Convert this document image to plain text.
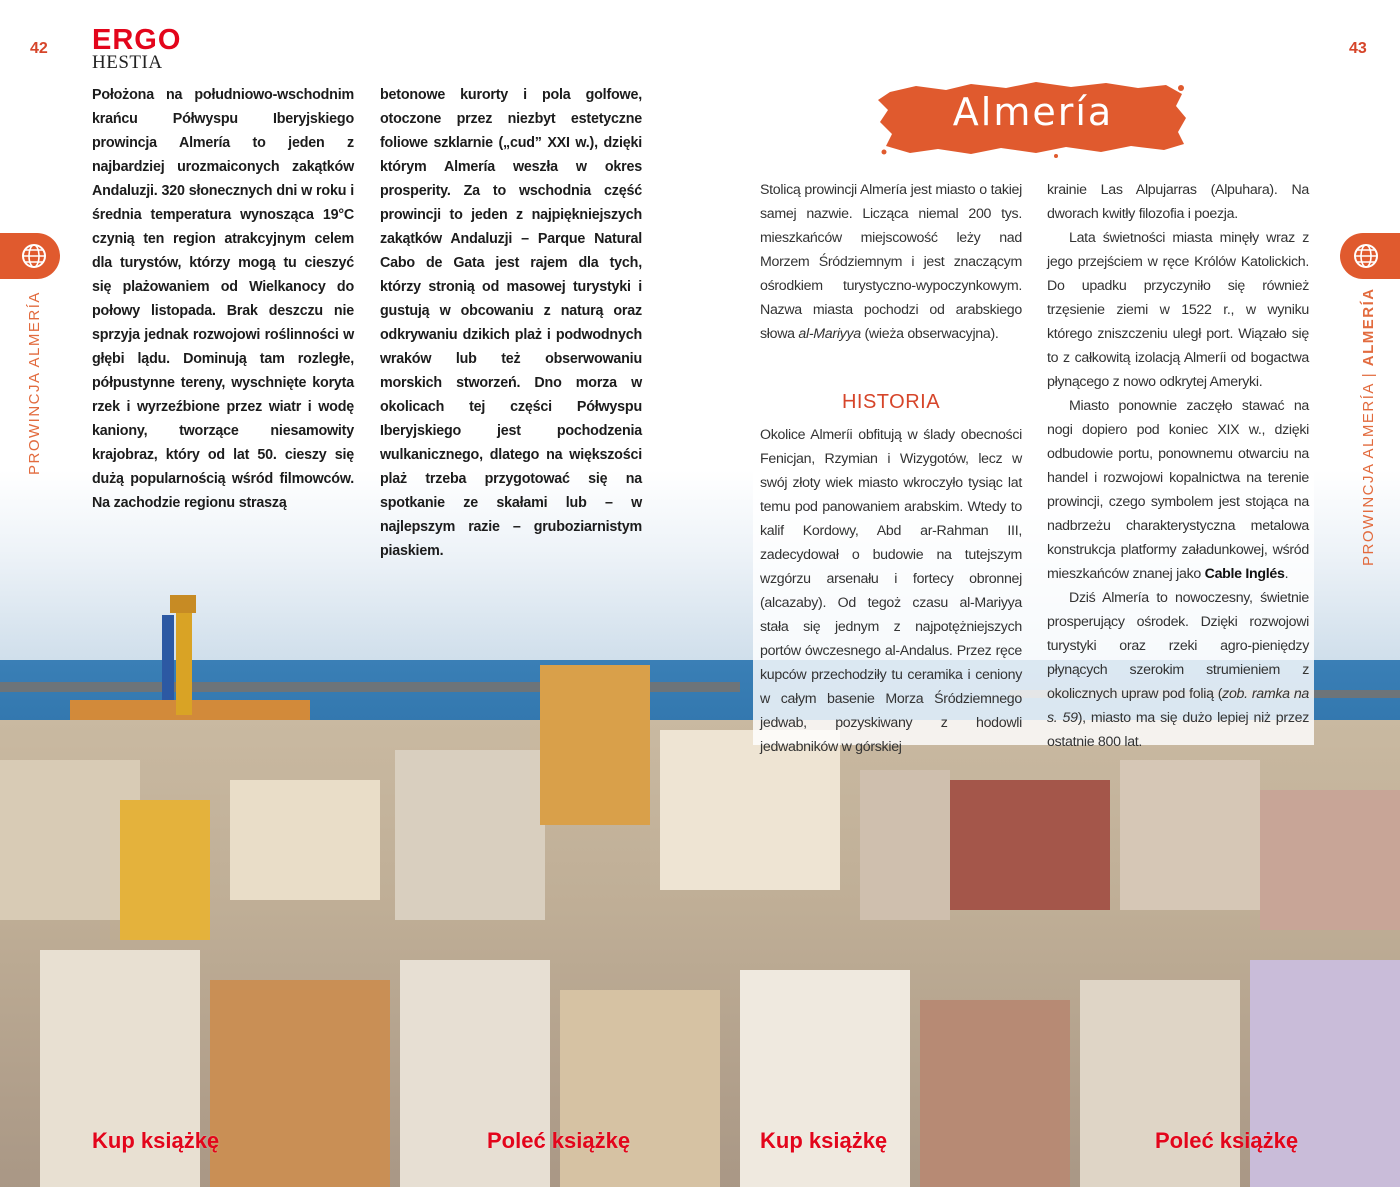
ERGO
HESTIA
42	43
PROWINCJA ALMERÍA	PROWINCJA ALMERÍA | ALMERÍA

Położona na południowo-wschodnim krańcu Półwyspu Iberyjskiego prowincja Almería to jeden z najbardziej urozmaiconych zakątków Andaluzji. 320 słonecznych dni w roku i średnia temperatura wynosząca 19°C czynią ten region atrakcyjnym celem dla turystów, którzy mogą tu cieszyć się plażowaniem od Wielkanocy do połowy listopada. Brak deszczu nie sprzyja jednak rozwojowi roślinności w głębi lądu. Dominują tam rozległe, półpustynne tereny, wyschnięte koryta rzek i wyrzeźbione przez wiatr i wodę kaniony, tworzące niesamowity krajobraz, który od lat 50. cieszy się dużą popularnością wśród filmowców. Na zachodzie regionu straszą

betonowe kurorty i pola golfowe, otoczone przez niezbyt estetyczne foliowe szklarnie („cud” XXI w.), dzięki którym Almería weszła w okres prosperity. Za to wschodnia część prowincji to jeden z najpiękniejszych zakątków Andaluzji – Parque Natural Cabo de Gata jest rajem dla tych, którzy stronią od masowej turystyki i gustują w obcowaniu z naturą oraz odkrywaniu dzikich plaż i podwodnych wraków lub też obserwowaniu morskich stworzeń. Dno morza w okolicach tej części Półwyspu Iberyjskiego jest pochodzenia wulkanicznego, dlatego na większości plaż trzeba przygotować się na spotkanie ze skałami lub – w najlepszym razie – gruboziarnistym piaskiem.

Almería

Stolicą prowincji Almería jest miasto o takiej samej nazwie. Licząca niemal 200 tys. mieszkańców miejscowość leży nad Morzem Śródziemnym i jest znaczącym ośrodkiem turystyczno-wypoczynkowym. Nazwa miasta pochodzi od arabskiego słowa al-Mariyya (wieża obserwacyjna).

HISTORIA

Okolice Almeríi obfitują w ślady obecności Fenicjan, Rzymian i Wizygotów, lecz w swój złoty wiek miasto wkroczyło tysiąc lat temu pod panowaniem arabskim. Wtedy to kalif Kordowy, Abd ar-Rahman III, zadecydował o budowie na tutejszym wzgórzu arsenału i fortecy obronnej (alcazaby). Od tegoż czasu al-Mariyya stała się jednym z najpotężniejszych portów ówczesnego al-Andalus. Przez ręce kupców przechodziły tu ceramika i ceniony w całym basenie Morza Śródziemnego jedwab, pozyskiwany z hodowli jedwabników w górskiej

krainie Las Alpujarras (Alpuhara). Na dworach kwitły filozofia i poezja.

Lata świetności miasta minęły wraz z jego przejściem w ręce Królów Katolickich. Do upadku przyczyniło się również trzęsienie ziemi w 1522 r., w wyniku którego zniszczeniu uległ port. Wiązało się to z całkowitą izolacją Almeríi od bogactwa płynącego z nowo odkrytej Ameryki.

Miasto ponownie zaczęło stawać na nogi dopiero pod koniec XIX w., dzięki odbudowie portu, ponownemu otwarciu na handel i rozwojowi kopalnictwa na terenie prowincji, czego symbolem jest stojąca na nadbrzeżu charakterystyczna metalowa konstrukcja platformy załadunkowej, wśród mieszkańców znanej jako Cable Inglés.

Dziś Almería to nowoczesny, świetnie prosperujący ośrodek. Dzięki rozwojowi turystyki oraz rzeki agro-pieniędzy płynących szerokim strumieniem z okolicznych upraw pod folią (zob. ramka na s. 59), miasto ma się dużo lepiej niż przez ostatnie 800 lat.

Kup książkę	Poleć książkę	Kup książkę	Poleć książkę
